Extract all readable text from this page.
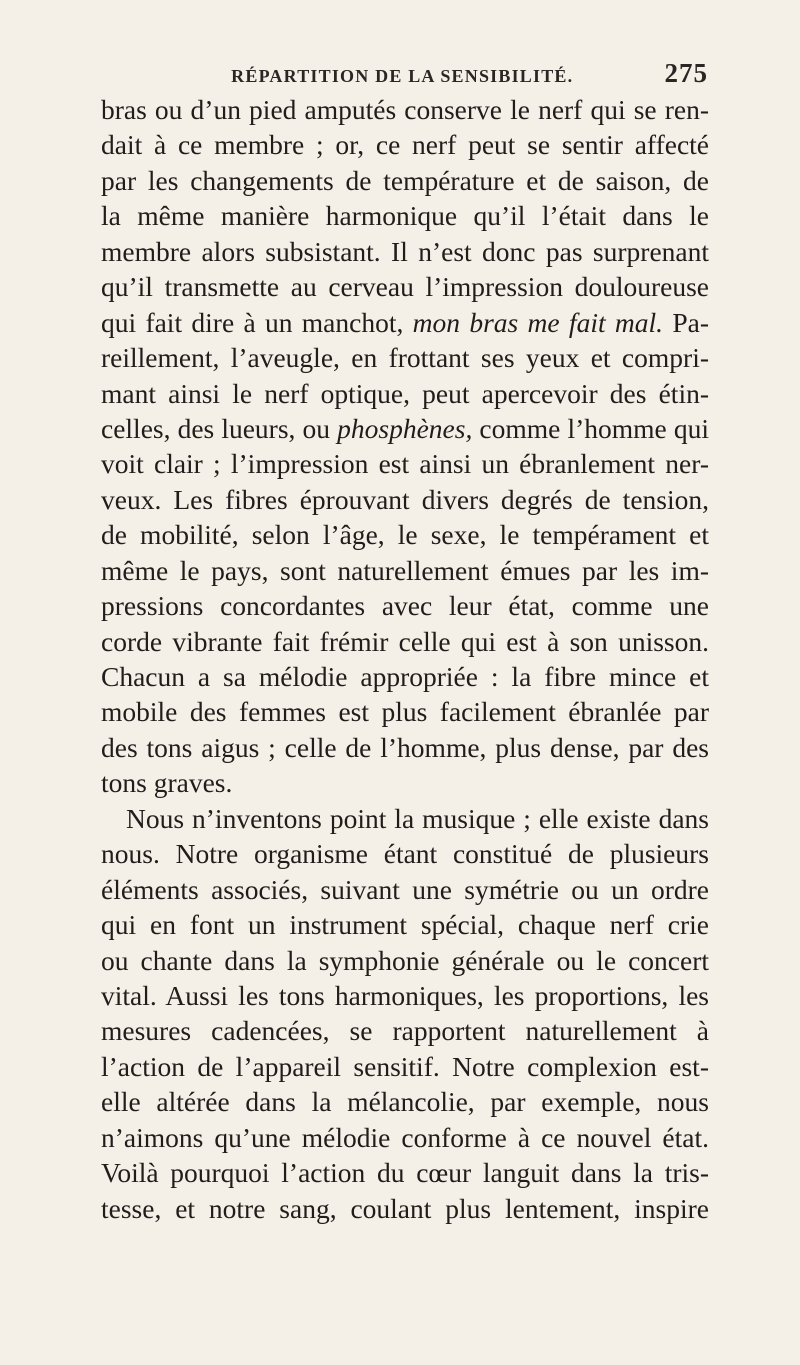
RÉPARTITION DE LA SENSIBILITÉ.	275
bras ou d’un pied amputés conserve le nerf qui se ren-
dait à ce membre ; or, ce nerf peut se sentir affecté
par les changements de température et de saison, de
la même manière harmonique qu’il l’était dans le
membre alors subsistant. Il n’est donc pas surprenant
qu’il transmette au cerveau l’impression douloureuse
qui fait dire à un manchot, mon bras me fait mal. Pa-
reillement, l’aveugle, en frottant ses yeux et compri-
mant ainsi le nerf optique, peut apercevoir des étin-
celles, des lueurs, ou phosphènes, comme l’homme qui
voit clair ; l’impression est ainsi un ébranlement ner-
veux. Les fibres éprouvant divers degrés de tension,
de mobilité, selon l’âge, le sexe, le tempérament et
même le pays, sont naturellement émues par les im-
pressions concordantes avec leur état, comme une
corde vibrante fait frémir celle qui est à son unisson.
Chacun a sa mélodie appropriée : la fibre mince et
mobile des femmes est plus facilement ébranlée par
des tons aigus ; celle de l’homme, plus dense, par des
tons graves.
Nous n’inventons point la musique ; elle existe dans
nous. Notre organisme étant constitué de plusieurs
éléments associés, suivant une symétrie ou un ordre
qui en font un instrument spécial, chaque nerf crie
ou chante dans la symphonie générale ou le concert
vital. Aussi les tons harmoniques, les proportions, les
mesures cadencées, se rapportent naturellement à
l’action de l’appareil sensitif. Notre complexion est-
elle altérée dans la mélancolie, par exemple, nous
n’aimons qu’une mélodie conforme à ce nouvel état.
Voilà pourquoi l’action du cœur languit dans la tris-
tesse, et notre sang, coulant plus lentement, inspire
